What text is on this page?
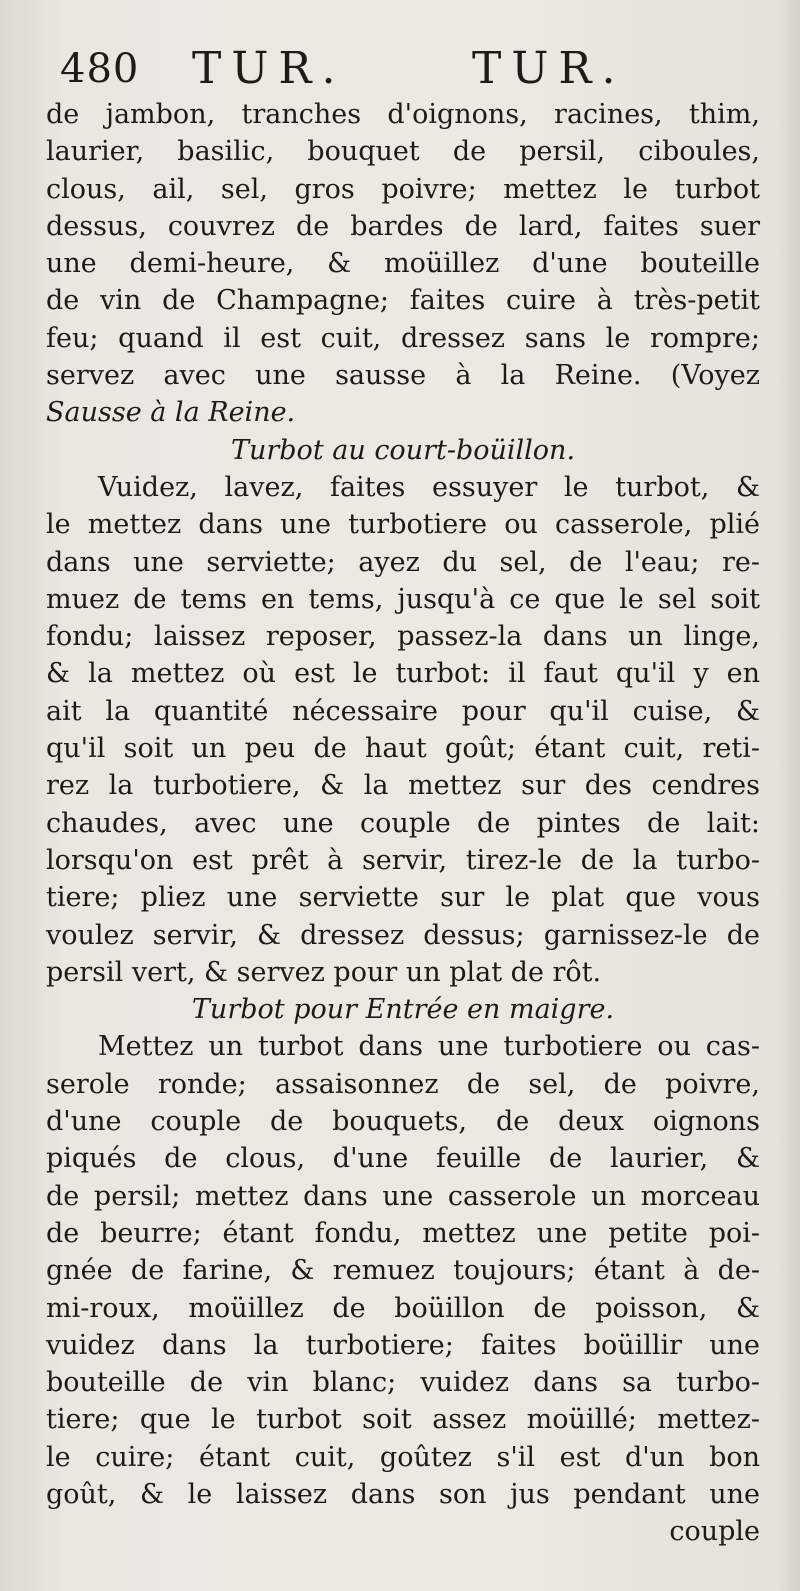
480 TUR.	TUR.
de jambon, tranches d'oignons, racines, thim,
laurier, basilic, bouquet de persil, ciboules,
clous, ail, sel, gros poivre; mettez le turbot
dessus, couvrez de bardes de lard, faites suer
une demi-heure, & moüillez d'une bouteille
de vin de Champagne; faites cuire à très-petit
feu; quand il est cuit, dressez sans le rompre;
servez avec une sausse à la Reine. (Voyez
Sausse à la Reine.
Turbot au court-boüillon.
Vuidez, lavez, faites essuyer le turbot, &
le mettez dans une turbotiere ou casserole, plié
dans une serviette; ayez du sel, de l'eau; re-
muez de tems en tems, jusqu'à ce que le sel soit
fondu; laissez reposer, passez-la dans un linge,
& la mettez où est le turbot: il faut qu'il y en
ait la quantité nécessaire pour qu'il cuise, &
qu'il soit un peu de haut goût; étant cuit, reti-
rez la turbotiere, & la mettez sur des cendres
chaudes, avec une couple de pintes de lait:
lorsqu'on est prêt à servir, tirez-le de la turbo-
tiere; pliez une serviette sur le plat que vous
voulez servir, & dressez dessus; garnissez-le de
persil vert, & servez pour un plat de rôt.
Turbot pour Entrée en maigre.
Mettez un turbot dans une turbotiere ou cas-
serole ronde; assaisonnez de sel, de poivre,
d'une couple de bouquets, de deux oignons
piqués de clous, d'une feuille de laurier, &
de persil; mettez dans une casserole un morceau
de beurre; étant fondu, mettez une petite poi-
gnée de farine, & remuez toujours; étant à de-
mi-roux, moüillez de boüillon de poisson, &
vuidez dans la turbotiere; faites boüillir une
bouteille de vin blanc; vuidez dans sa turbo-
tiere; que le turbot soit assez moüillé; mettez-
le cuire; étant cuit, goûtez s'il est d'un bon
goût, & le laissez dans son jus pendant une
couple
